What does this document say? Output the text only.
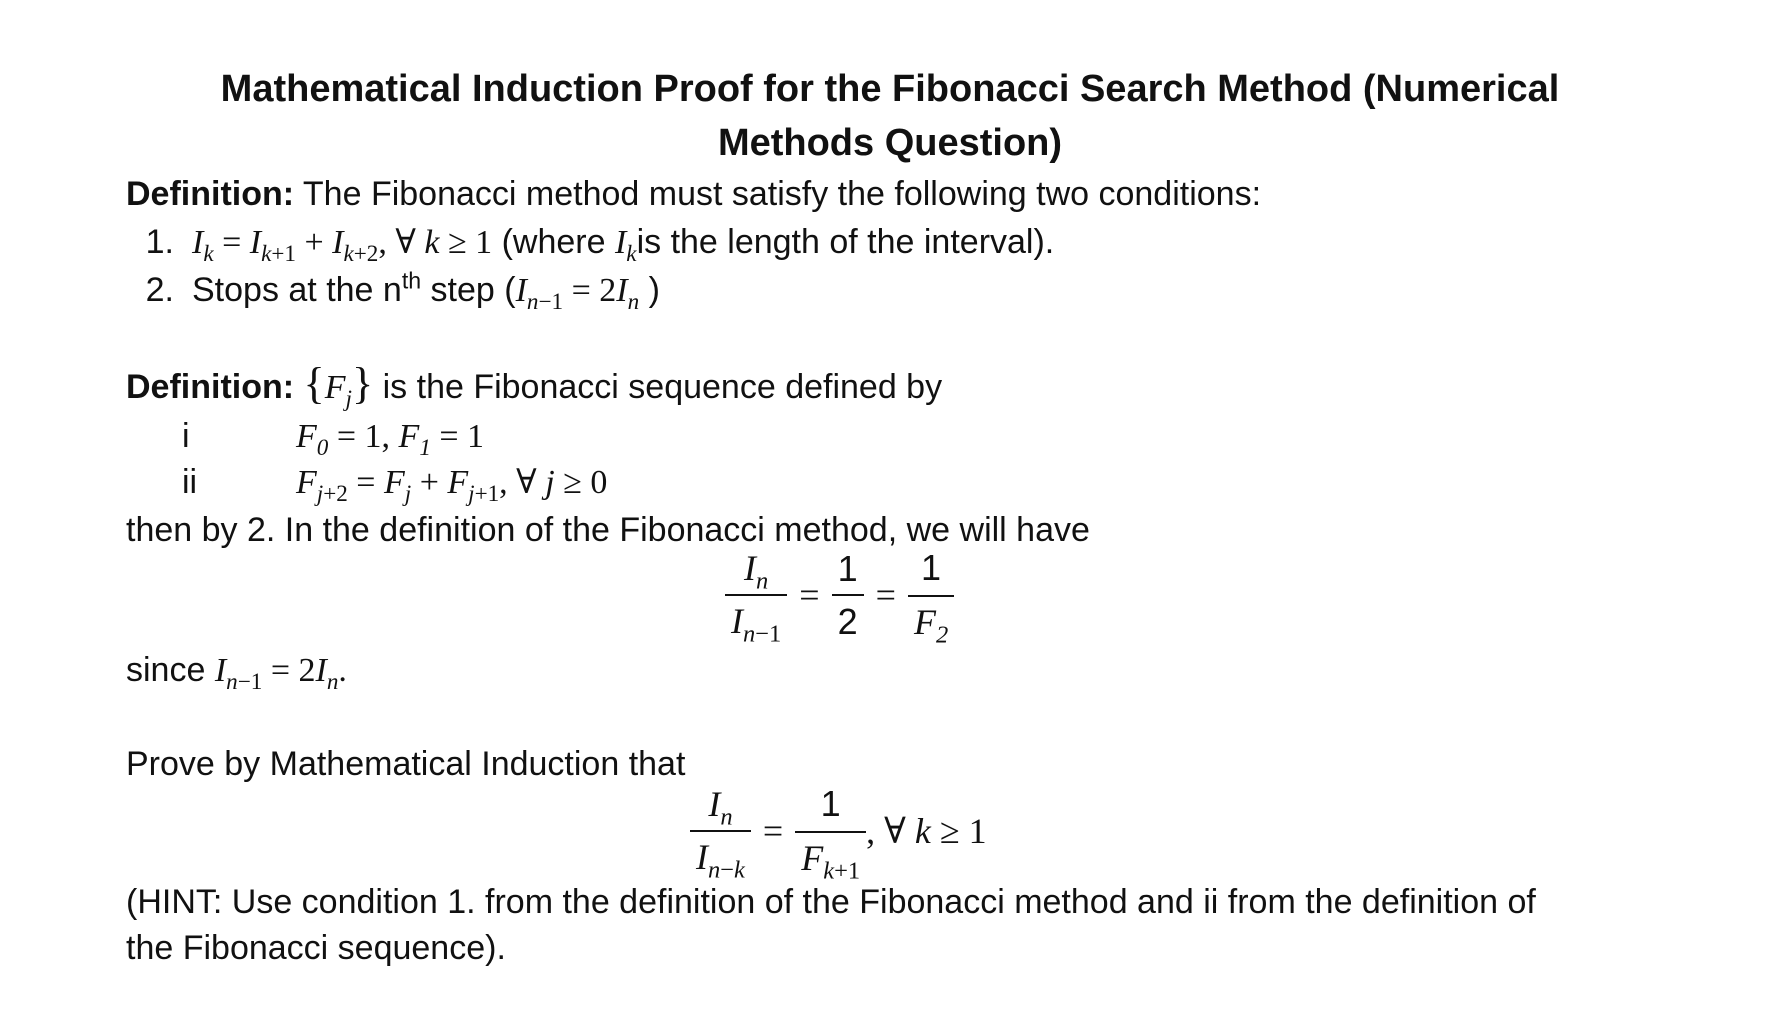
Mathematical Induction Proof for the Fibonacci Search Method (Numerical Methods Question)
Definition: The Fibonacci method must satisfy the following two conditions:
1. $I_k = I_{k+1} + I_{k+2}$, ∀ k ≥ 1 (where $I_kis$ the length of the interval).
2. Stops at the $n^{th}$ step ($I_{n-1} = 2I_n$ )
Definition: $\{F_j\}$ is the Fibonacci sequence defined by
i	$F_0 = 1$, $F_1 = 1$
ii	$F_{j+2} = F_j + F_{j+1}$, ∀ j ≥ 0
then by 2. In the definition of the Fibonacci method, we will have
$\frac{I_n}{I_{n-1}} = \frac{1}{2} = \frac{1}{F_2}$
since $I_{n-1} = 2I_n$.
Prove by Mathematical Induction that
$\frac{I_n}{I_{n-k}} = \frac{1}{F_{k+1}}$ , ∀ k ≥ 1
(HINT: Use condition 1. from the definition of the Fibonacci method and ii from the definition of
the Fibonacci sequence).
